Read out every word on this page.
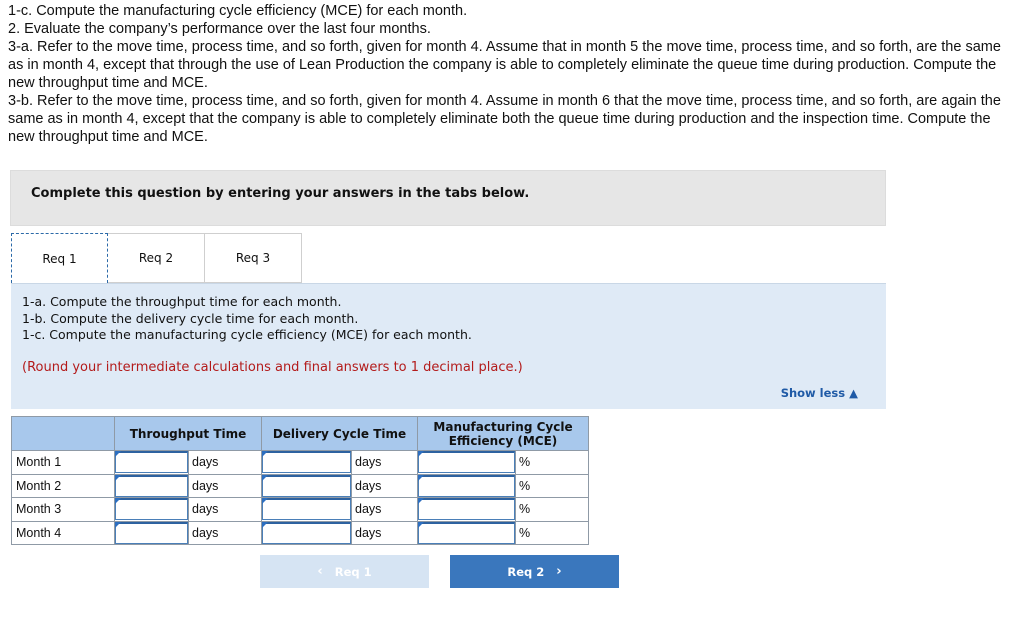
1-c. Compute the manufacturing cycle efficiency (MCE) for each month.

2. Evaluate the company’s performance over the last four months.

3-a. Refer to the move time, process time, and so forth, given for month 4. Assume that in month 5 the move time, process time, and so forth, are the same as in month 4, except that through the use of Lean Production the company is able to completely eliminate the queue time during production. Compute the new throughput time and MCE.

3-b. Refer to the move time, process time, and so forth, given for month 4. Assume in month 6 that the move time, process time, and so forth, are again the same as in month 4, except that the company is able to completely eliminate both the queue time during production and the inspection time. Compute the new throughput time and MCE.

Complete this question by entering your answers in the tabs below.
Req 1	Req 2	Req 3
1-a. Compute the throughput time for each month.
1-b. Compute the delivery cycle time for each month.
1-c. Compute the manufacturing cycle efficiency (MCE) for each month.
(Round your intermediate calculations and final answers to 1 decimal place.)
Show less ▲
	Throughput Time		Delivery Cycle Time		Manufacturing Cycle Efficiency (MCE)	
Month 1		days		days		%
Month 2		days		days		%
Month 3		days		days		%
Month 4		days		days		%
‹ Req 1	Req 2 ›
